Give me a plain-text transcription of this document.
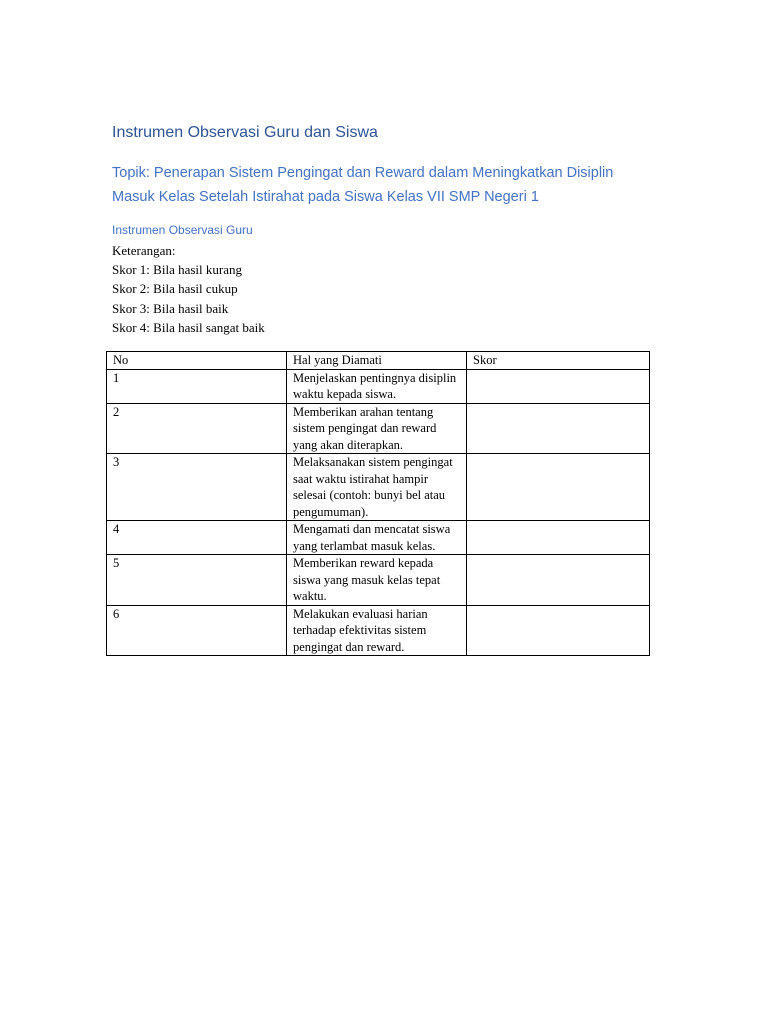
Instrumen Observasi Guru dan Siswa
Topik: Penerapan Sistem Pengingat dan Reward dalam Meningkatkan Disiplin Masuk Kelas Setelah Istirahat pada Siswa Kelas VII SMP Negeri 1
Instrumen Observasi Guru
Keterangan:
Skor 1: Bila hasil kurang
Skor 2: Bila hasil cukup
Skor 3: Bila hasil baik
Skor 4: Bila hasil sangat baik
No	Hal yang Diamati	Skor
1	Menjelaskan pentingnya disiplin waktu kepada siswa.	
2	Memberikan arahan tentang sistem pengingat dan reward yang akan diterapkan.	
3	Melaksanakan sistem pengingat saat waktu istirahat hampir selesai (contoh: bunyi bel atau pengumuman).	
4	Mengamati dan mencatat siswa yang terlambat masuk kelas.	
5	Memberikan reward kepada siswa yang masuk kelas tepat waktu.	
6	Melakukan evaluasi harian terhadap efektivitas sistem pengingat dan reward.	
